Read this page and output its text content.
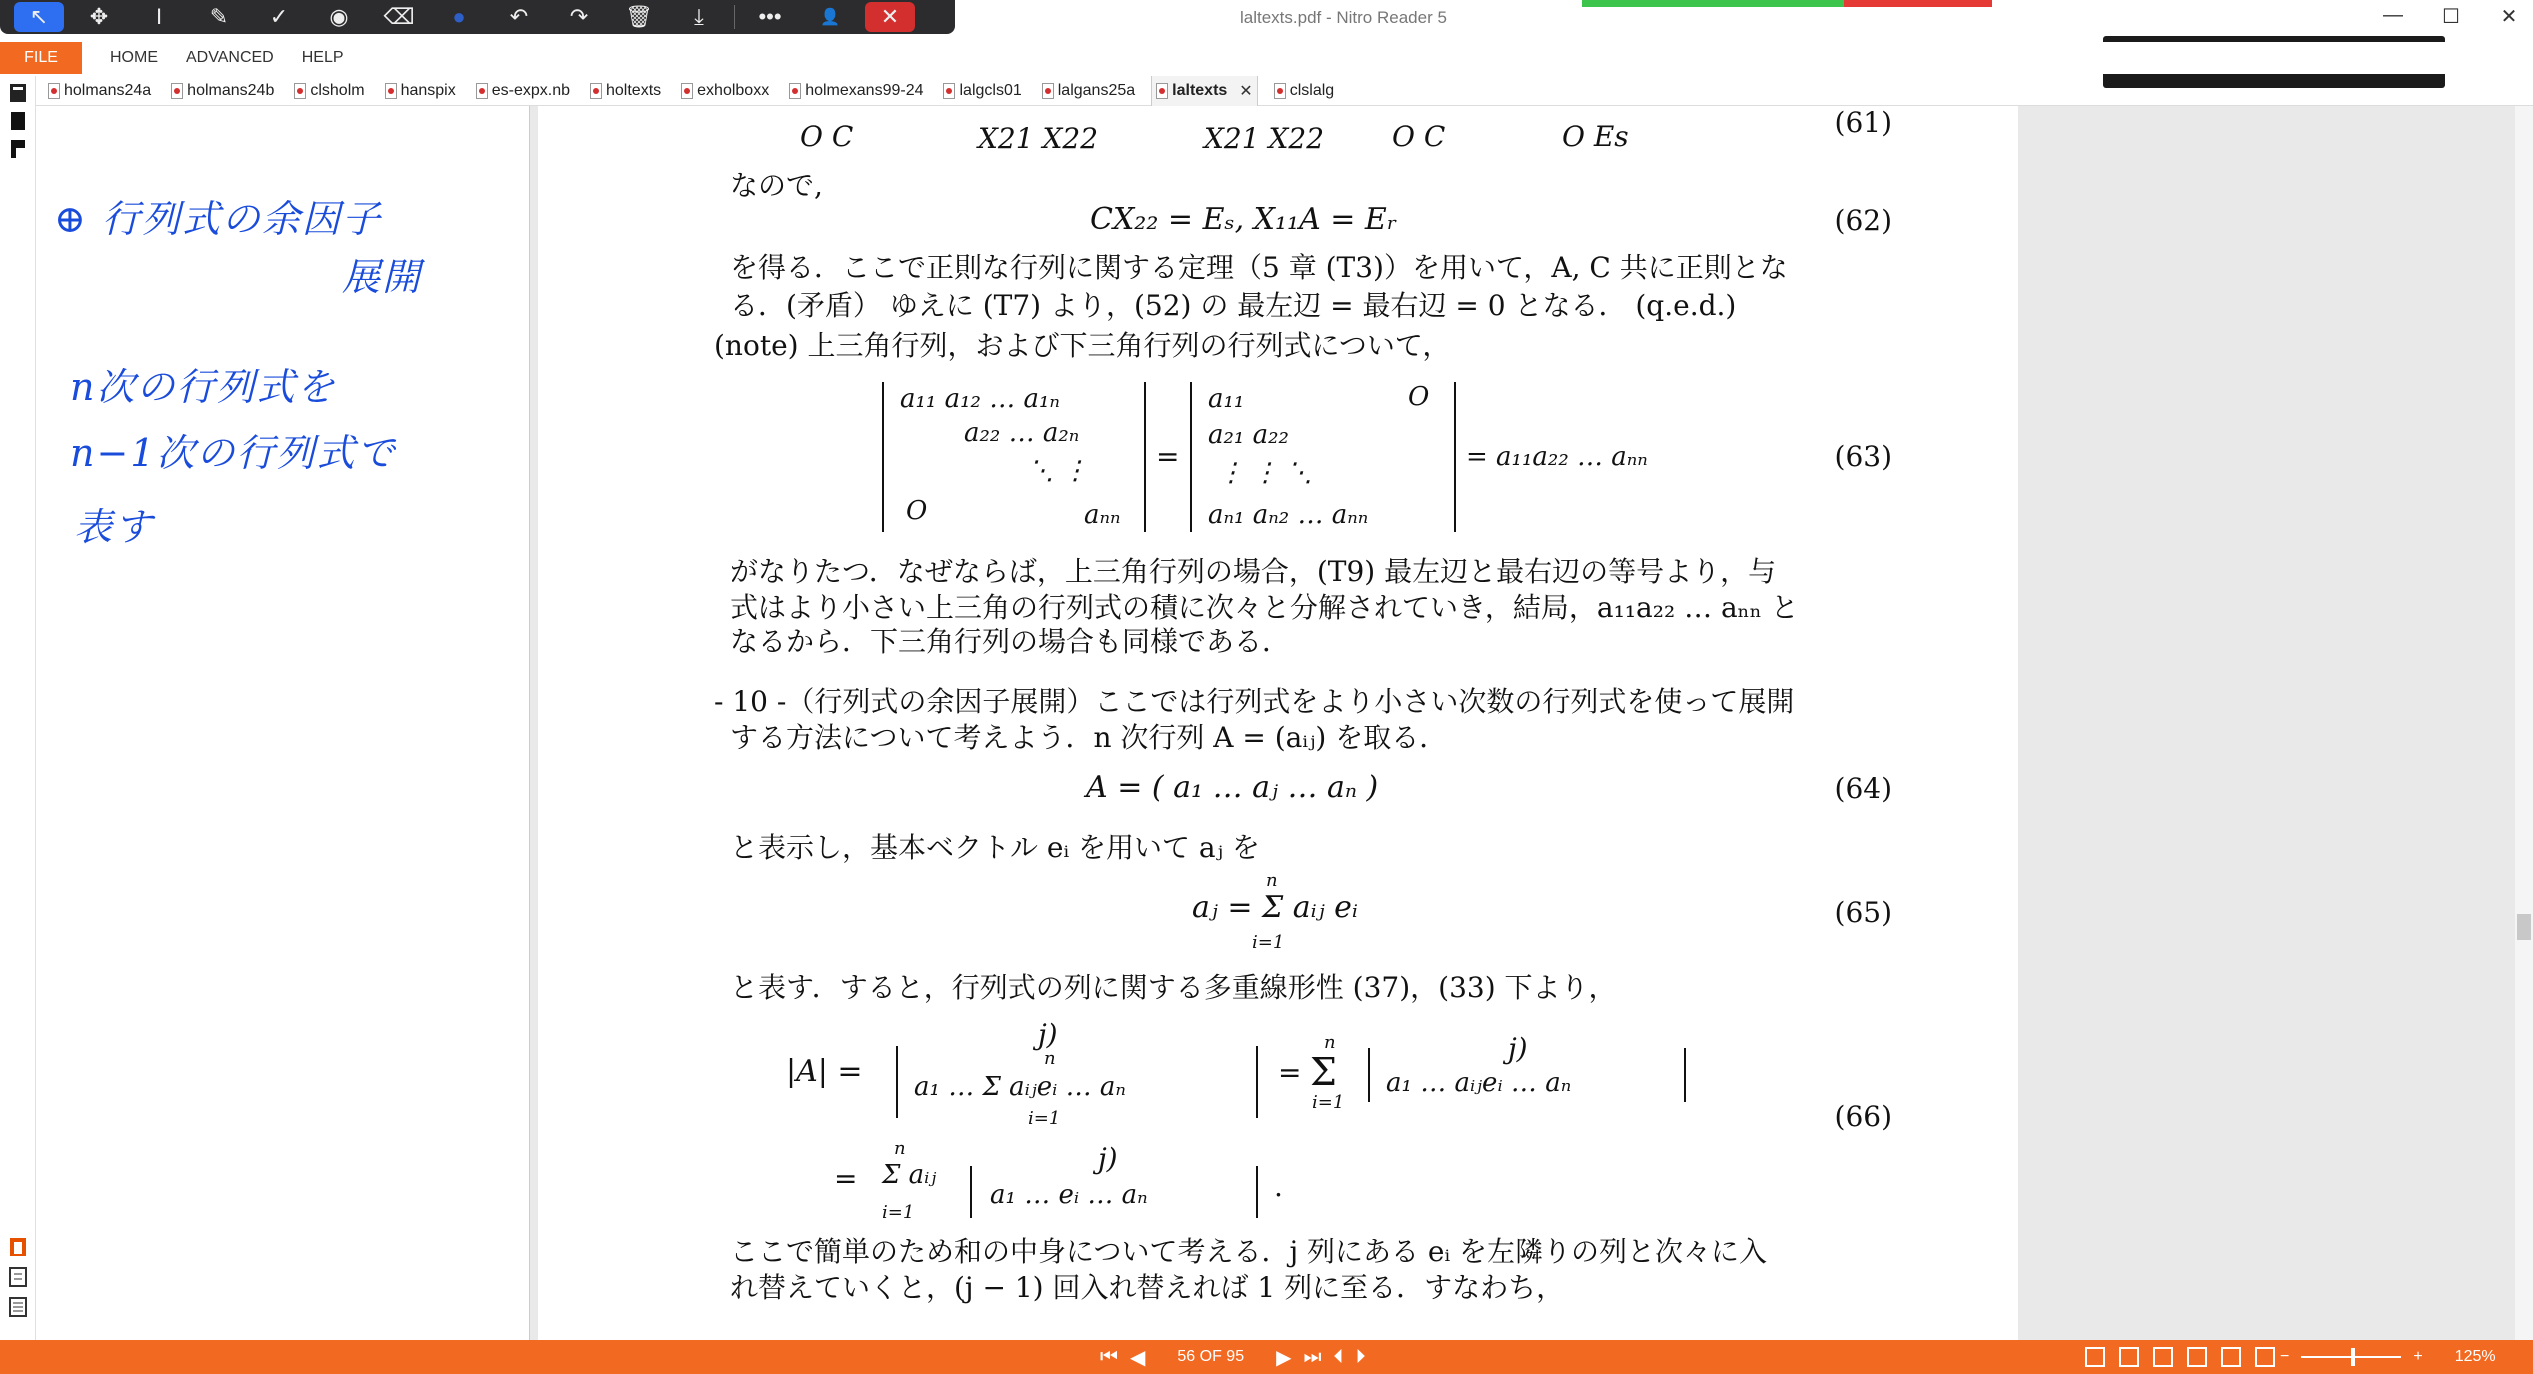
laltexts.pdf - Nitro Reader 5	— ☐ ✕
↖	✥	I	✎	✓	◉	⌫	●	↶	↷	🗑	⤓	•••	👤	✕
FILE	HOME ADVANCED HELP
holmans24a holmans24b clsholm hanspix es-expx.nb holtexts exholboxx holmexans99-24 lalgcls01 lalgans25a laltexts ✕ clslalg
⊕ 行列式の余因子
展開
n次の行列式を
n−1次の行列式で
表す
O C	X21 X22	X21 X22 O C	O Es	(61)
なので,
CX₂₂ = Eₛ, X₁₁A = Eᵣ	(62)
を得る．ここで正則な行列に関する定理（5 章 (T3)）を用いて，A, C 共に正則とな
る．(矛盾） ゆえに (T7) より，(52) の 最左辺 = 最右辺 = 0 となる． (q.e.d.)
(note) 上三角行列，および下三角行列の行列式について，
a₁₁ a₁₂ … a₁ₙ
a₂₂ … a₂ₙ
⋱ ⋮
O	aₙₙ
=
a₁₁	O
a₂₁ a₂₂
⋮ ⋮ ⋱
aₙ₁ aₙ₂ … aₙₙ
= a₁₁a₂₂ … aₙₙ	(63)
がなりたつ．なぜならば，上三角行列の場合，(T9) 最左辺と最右辺の等号より，与
式はより小さい上三角の行列式の積に次々と分解されていき，結局，a₁₁a₂₂ … aₙₙ と
なるから．下三角行列の場合も同様である．
- 10 -（行列式の余因子展開）ここでは行列式をより小さい次数の行列式を使って展開
する方法について考えよう．n 次行列 A = (aᵢⱼ) を取る．
A = ( a₁ … aⱼ … aₙ )	(64)
と表示し，基本ベクトル eᵢ を用いて aⱼ を
n
aⱼ = Σ aᵢⱼ eᵢ
i=1
(65)
と表す．すると，行列式の列に関する多重線形性 (37)，(33) 下より，
|A| =
j)
n
a₁ … Σ aᵢⱼeᵢ … aₙ
i=1
=
n
Σ
i=1
j)
a₁ … aᵢⱼeᵢ … aₙ
(66)
=
n
Σ aᵢⱼ
i=1
j)
a₁ … eᵢ … aₙ	.
ここで簡単のため和の中身について考える．j 列にある eᵢ を左隣りの列と次々に入
れ替えていくと，(j − 1) 回入れ替えれば 1 列に至る．すなわち，
⏮ ◀ 56 OF 95 ▶ ⏭ ⏴ ⏵	−	+ 125%
